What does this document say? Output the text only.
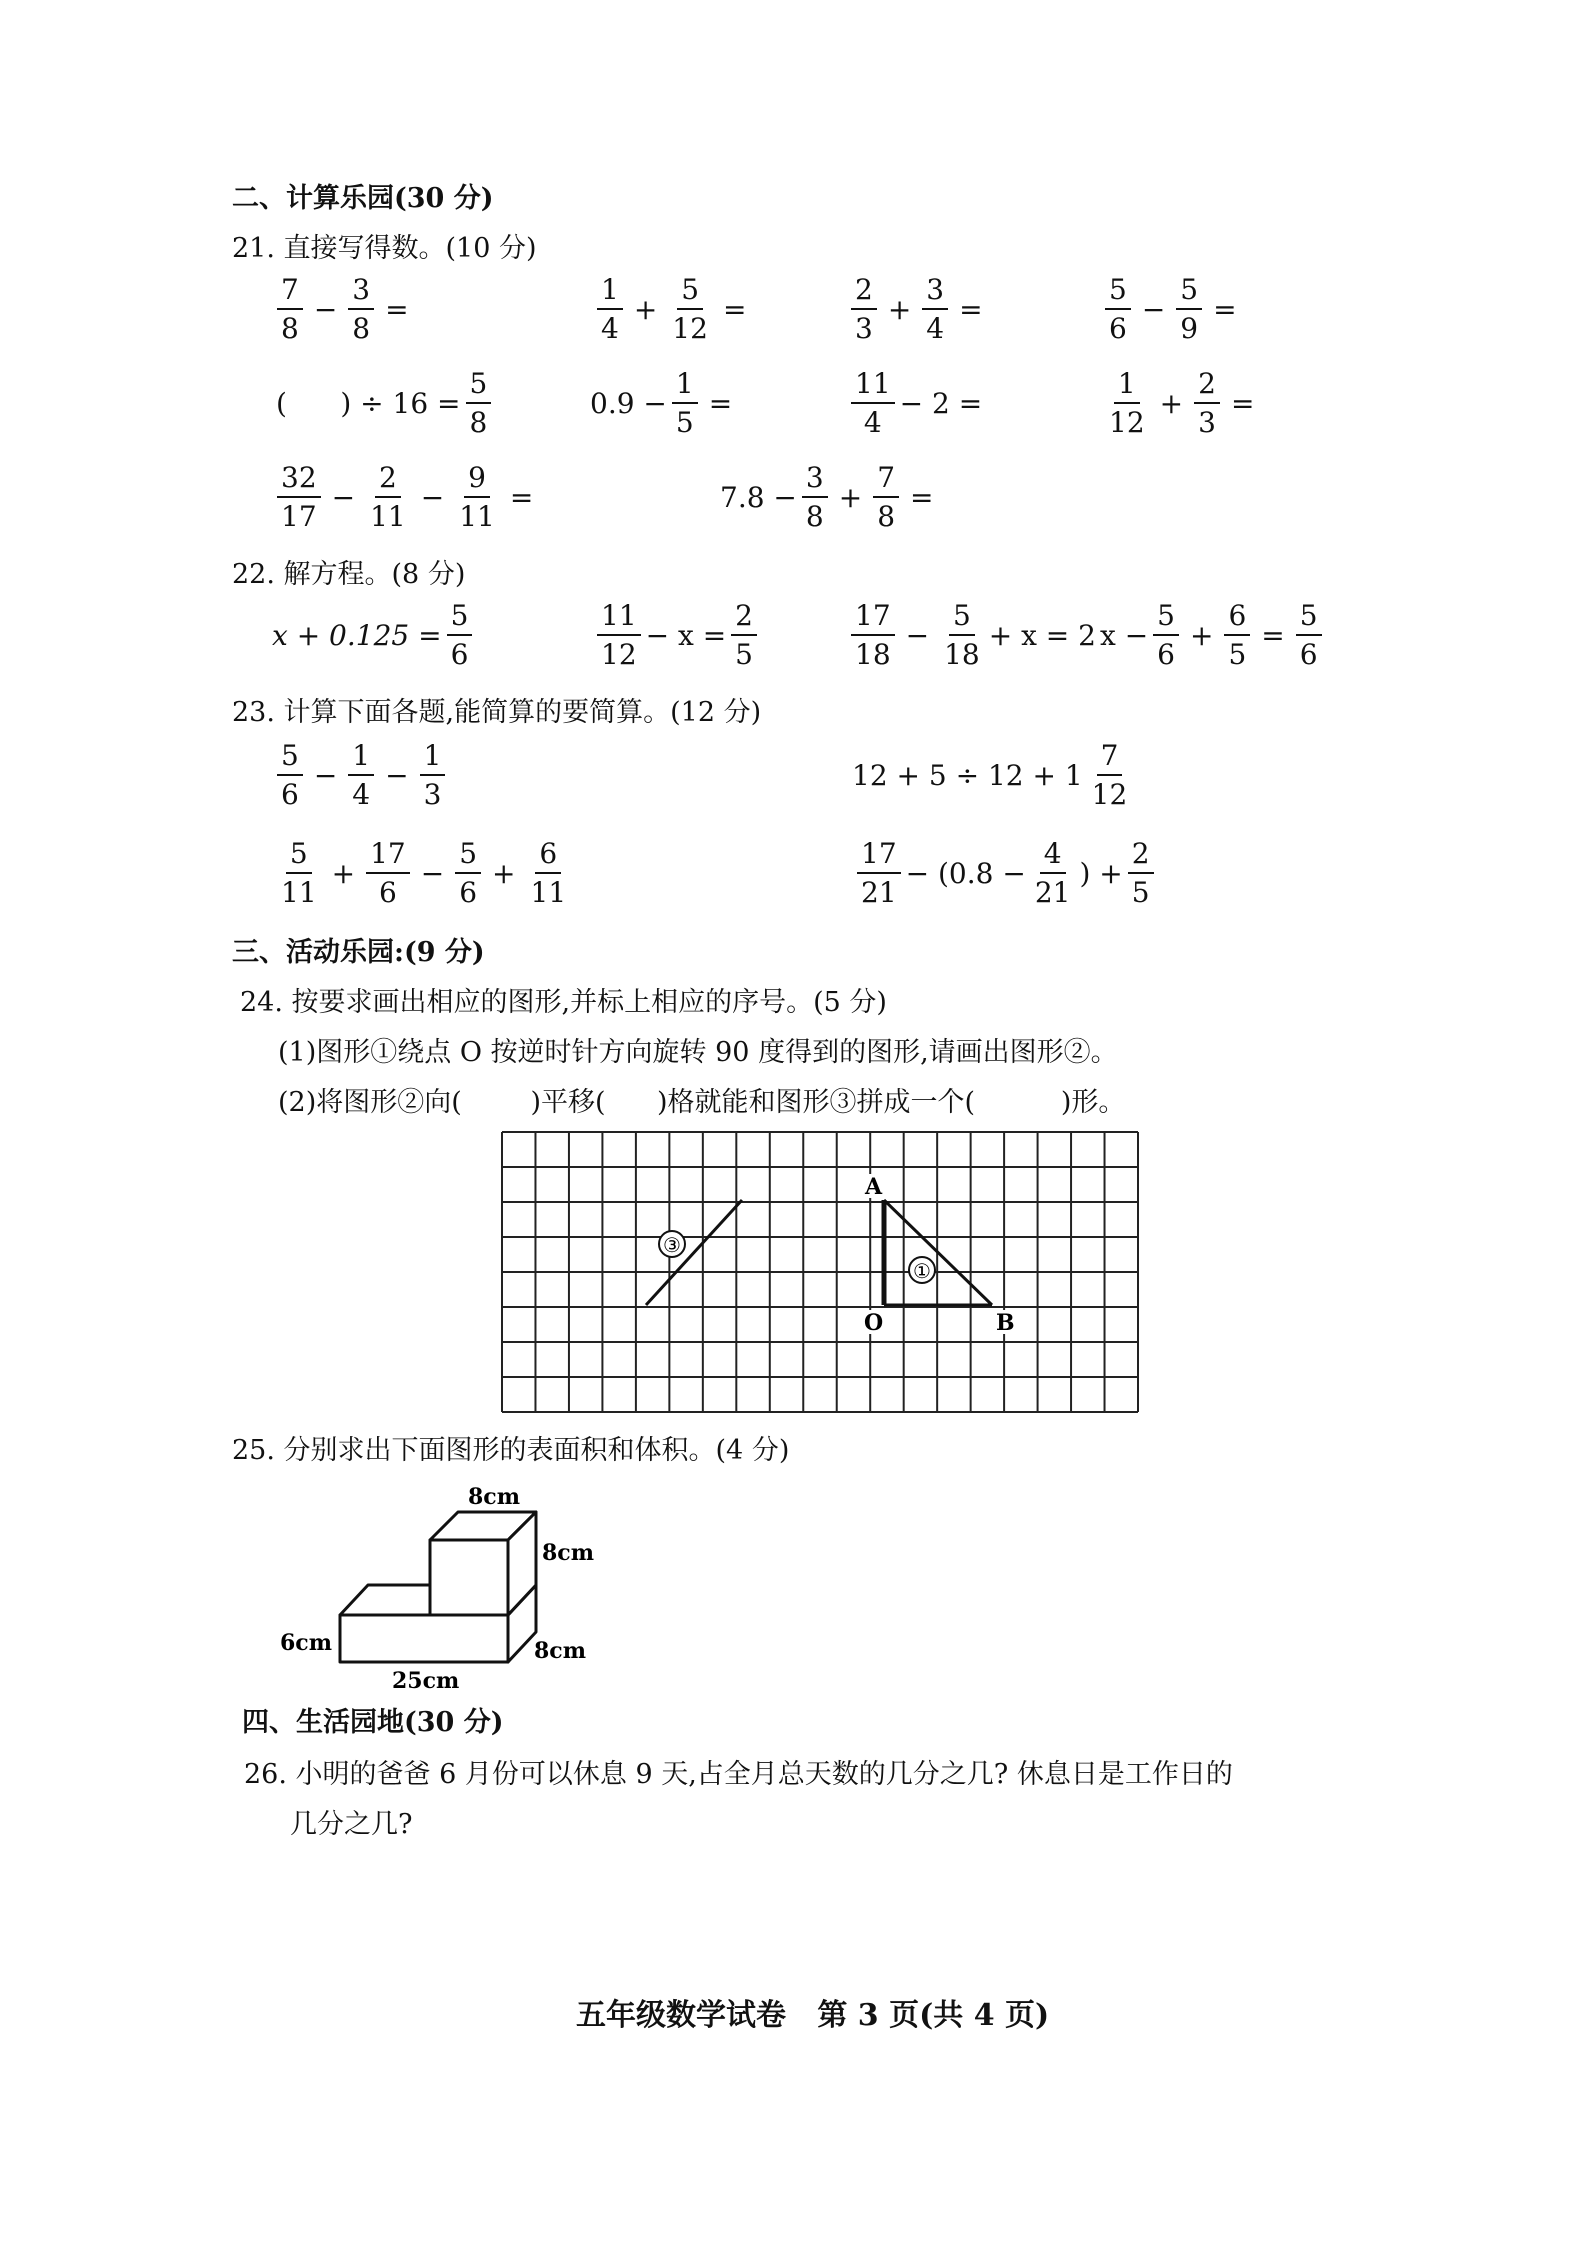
二、计算乐园(30 分)
21. 直接写得数。(10 分)
$\frac{7}{8} - \frac{3}{8}$ =	$\frac{1}{4} + \frac{5}{12}$ =	$\frac{2}{3} + \frac{3}{4}$ =	$\frac{5}{6} - \frac{5}{9}$ =
(      ) ÷ $16 = \frac{5}{8}$	$0.9 - \frac{1}{5}$ =	$\frac{11}{4} - 2$ =	$\frac{1}{12} + \frac{2}{3}$ =
$\frac{32}{17} - \frac{2}{11} - \frac{9}{11}$ =	$7.8 - \frac{3}{8} + \frac{7}{8}$ =
22. 解方程。(8 分)
$x + 0.125 = \frac{5}{6}$	$\frac{11}{12} - x = \frac{2}{5}$	$\frac{17}{18} - \frac{5}{18} + x = 2$ $x - \frac{5}{6} + \frac{6}{5} = \frac{5}{6}$
23. 计算下面各题,能简算的要简算。(12 分)
$\frac{5}{6} - \frac{1}{4} - \frac{1}{3}$	$12 + 5 \div 12 + 1 \frac{7}{12}$
$\frac{5}{11} + \frac{17}{6} - \frac{5}{6} + \frac{6}{11}$	$\frac{17}{21} - (0.8 - \frac{4}{21}$ ) + $\frac{2}{5}$
三、活动乐园:(9 分)
24. 按要求画出相应的图形,并标上相应的序号。(5 分)
(1)图形①绕点 O 按逆时针方向旋转 90 度得到的图形,请画出图形②。
(2)将图形②向(        )平移(      )格就能和图形③拼成一个(          )形。
③
①
A
O	B
25. 分别求出下面图形的表面积和体积。(4 分)
8cm
8cm
6cm	8cm
25cm
四、生活园地(30 分)
26. 小明的爸爸 6 月份可以休息 9 天,占全月总天数的几分之几? 休息日是工作日的
几分之几?
五年级数学试卷   第 3 页(共 4 页)
